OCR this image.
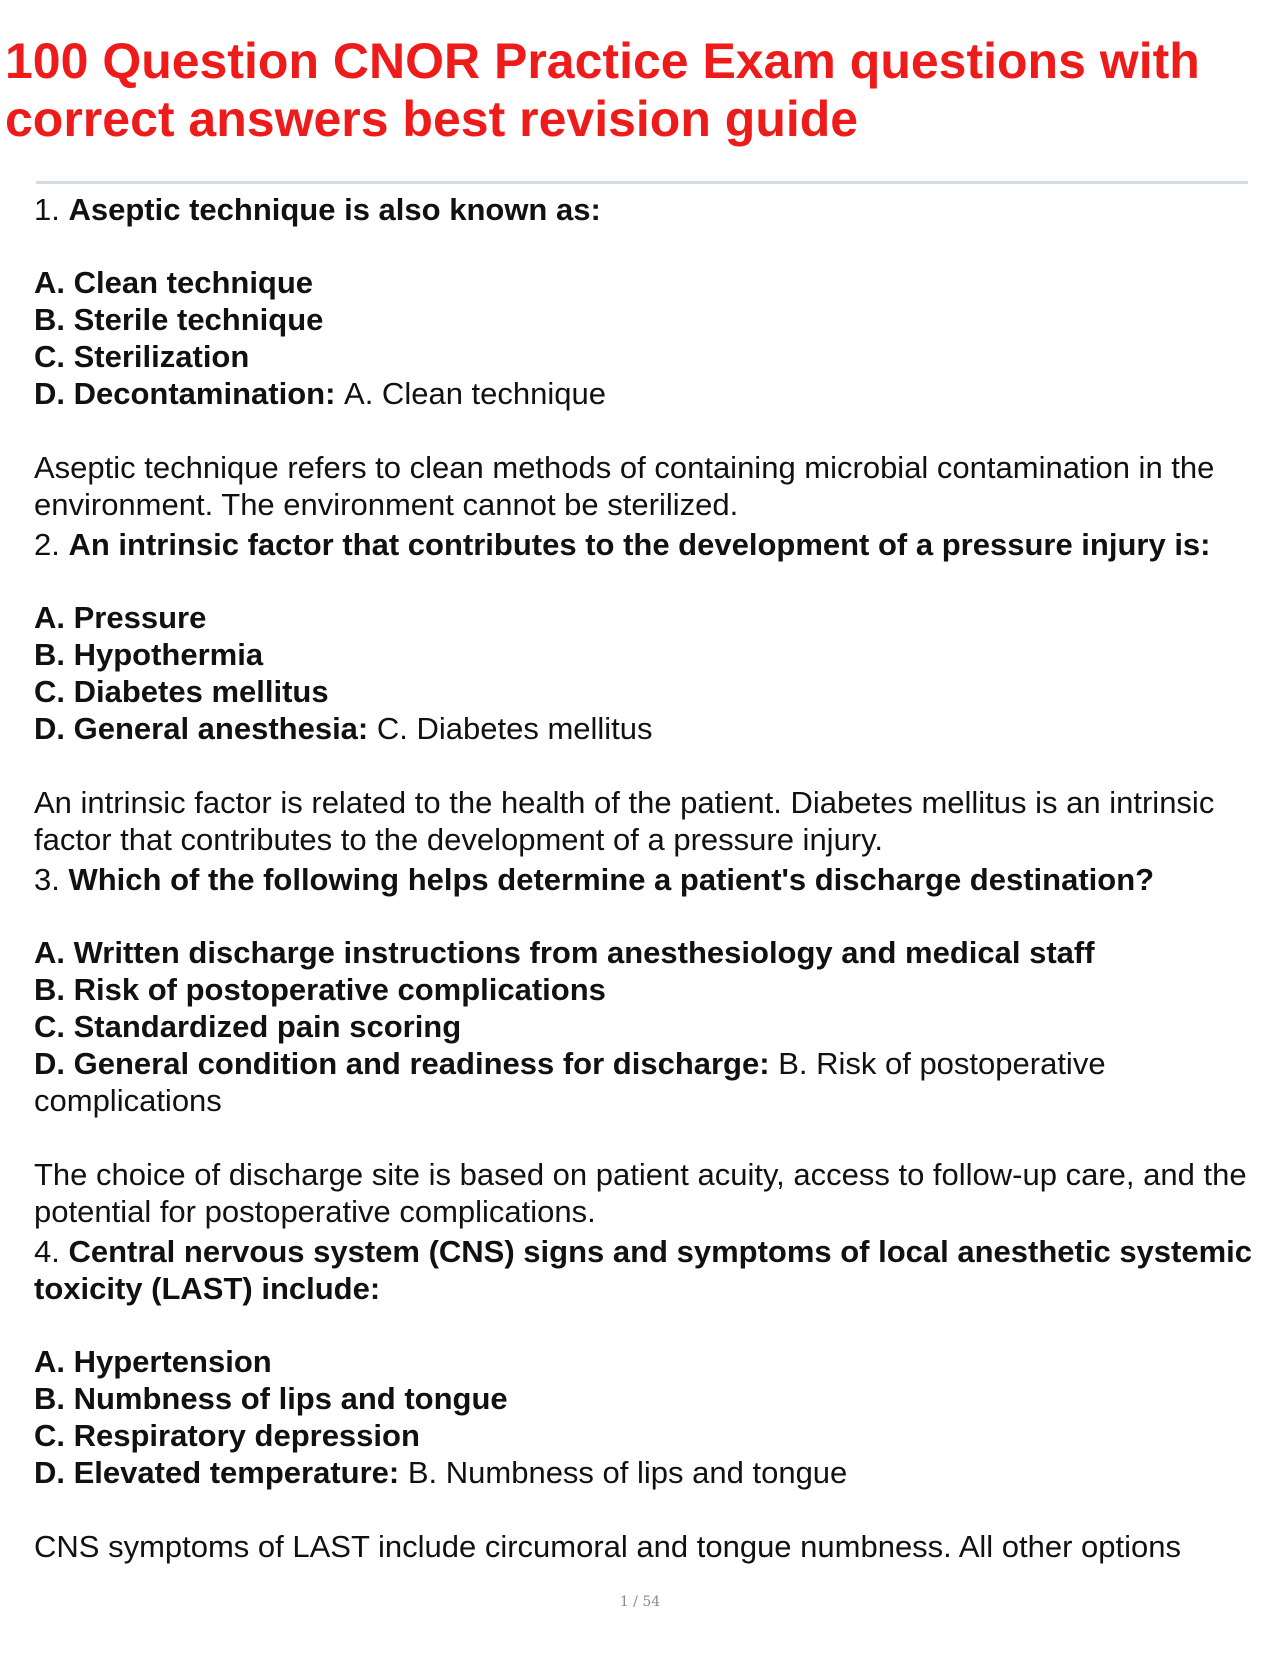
100 Question CNOR Practice Exam questions with correct answers best revision guide

1. Aseptic technique is also known as:

A. Clean technique
B. Sterile technique
C. Sterilization
D. Decontamination: A. Clean technique

Aseptic technique refers to clean methods of containing microbial contamination in the environment. The environment cannot be sterilized.

2. An intrinsic factor that contributes to the development of a pressure injury is:

A. Pressure
B. Hypothermia
C. Diabetes mellitus
D. General anesthesia: C. Diabetes mellitus

An intrinsic factor is related to the health of the patient. Diabetes mellitus is an intrinsic factor that contributes to the development of a pressure injury.

3. Which of the following helps determine a patient's discharge destination?

A. Written discharge instructions from anesthesiology and medical staff
B. Risk of postoperative complications
C. Standardized pain scoring
D. General condition and readiness for discharge: B. Risk of postoperative complications

The choice of discharge site is based on patient acuity, access to follow-up care, and the potential for postoperative complications.

4. Central nervous system (CNS) signs and symptoms of local anesthetic systemic toxicity (LAST) include:

A. Hypertension
B. Numbness of lips and tongue
C. Respiratory depression
D. Elevated temperature: B. Numbness of lips and tongue

CNS symptoms of LAST include circumoral and tongue numbness. All other options

1 / 54
